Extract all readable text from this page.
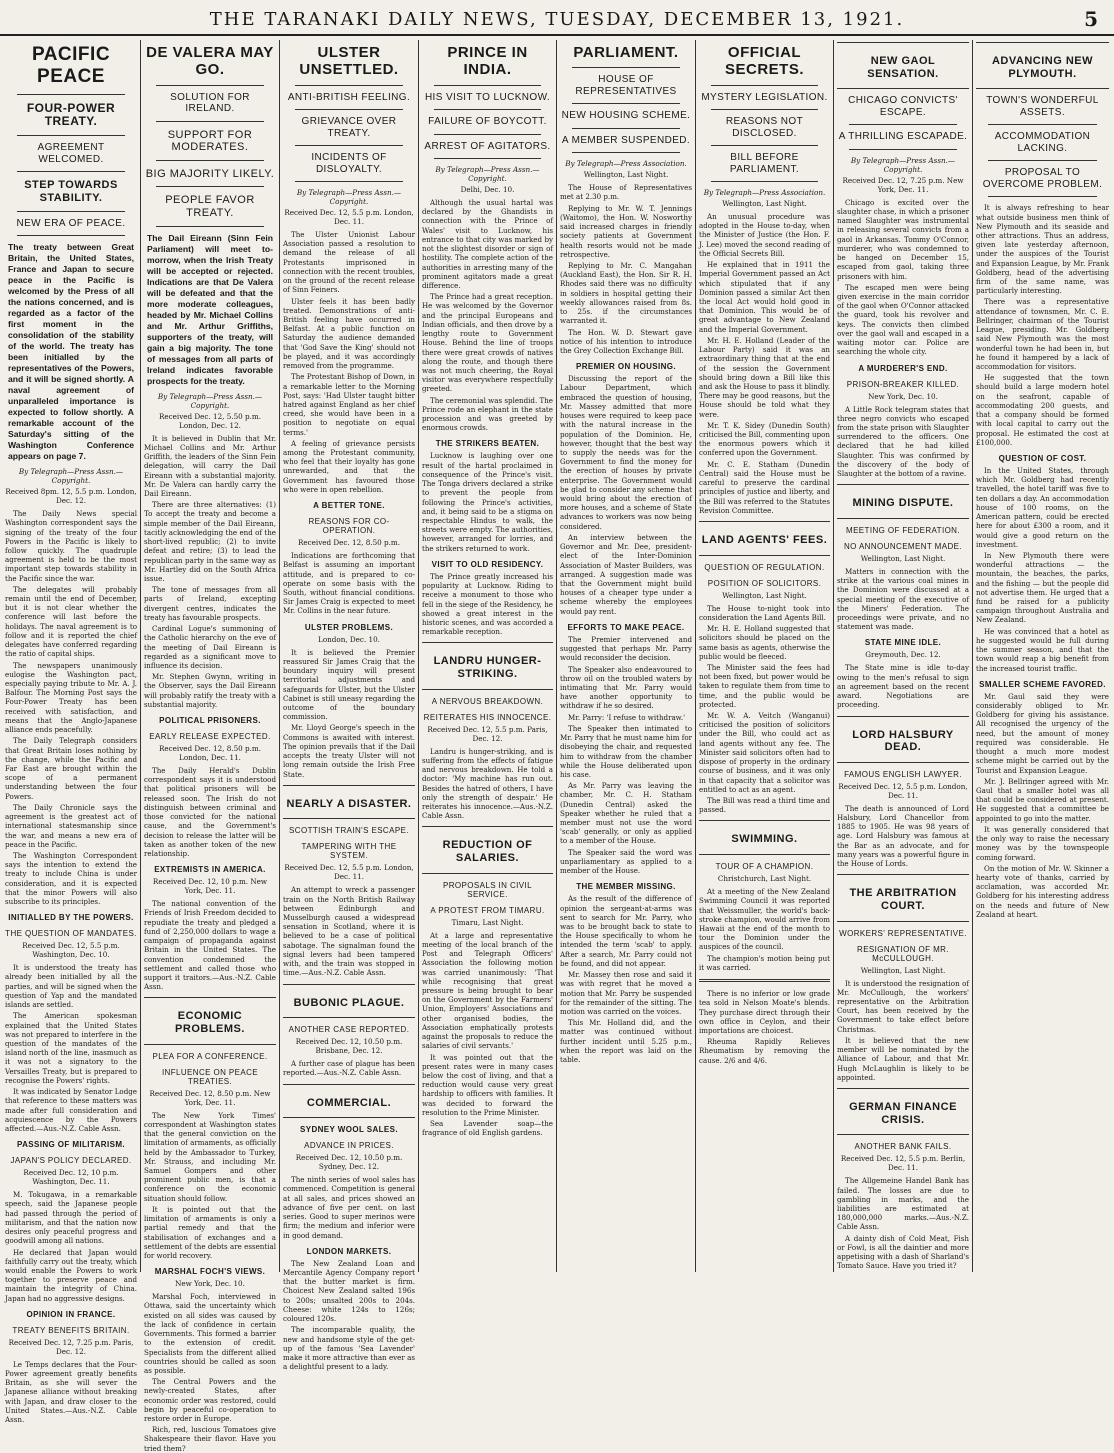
THE TARANAKI DAILY NEWS, TUESDAY, DECEMBER 13, 1921.	5
PACIFIC PEACE
FOUR-POWER TREATY.
AGREEMENT WELCOMED.
STEP TOWARDS STABILITY.
NEW ERA OF PEACE.
The treaty between Great Britain, the United States, France and Japan to secure peace in the Pacific is welcomed by the Press of all the nations concerned, and is regarded as a factor of the first moment in the consolidation of the stability of the world. The treaty has been initialled by the representatives of the Powers, and it will be signed shortly. A naval agreement of unparalleled importance is expected to follow shortly. A remarkable account of the Saturday's sitting of the Washington Conference appears on page 7.
By Telegraph—Press Assn.—Copyright.
Received 8pm. 12, 5.5 p.m. London, Dec. 12.

The Daily News special Washington correspondent says the signing of the treaty of the four Powers in the Pacific is likely to follow quickly. The quadruple agreement is held to be the most important step towards stability in the Pacific since the war.

The delegates will probably remain until the end of December, but it is not clear whether the conference will last before the holidays. The naval agreement is to follow and it is reported the chief delegates have conferred regarding the ratio of capital ships.

The newspapers unanimously eulogise the Washington pact, especially paying tribute to Mr. A. J. Balfour. The Morning Post says the Four-Power Treaty has been received with satisfaction, and means that the Anglo-Japanese alliance ends peacefully.

The Daily Telegraph considers that Great Britain loses nothing by the change, while the Pacific and Far East are brought within the scope of a permanent understanding between the four Powers.

The Daily Chronicle says the agreement is the greatest act of international statesmanship since the war, and means a new era of peace in the Pacific.

The Washington Correspondent says the intention to extend the treaty to include China is under consideration, and it is expected that the minor Powers will also subscribe to its principles.

INITIALLED BY THE POWERS.
THE QUESTION OF MANDATES.
Received Dec. 12, 5.5 p.m. Washington, Dec. 10.

It is understood the treaty has already been initialled by all the parties, and will be signed when the question of Yap and the mandated islands are settled.

The American spokesman explained that the United States was not prepared to interfere in the question of the mandates of the island north of the line, inasmuch as it was not a signatory to the Versailles Treaty, but is prepared to recognise the Powers' rights.

It was indicated by Senator Lodge that reference to these matters was made after full consideration and acquiescence by the Powers affected.—Aus.-N.Z. Cable Assn.

PASSING OF MILITARISM.
JAPAN'S POLICY DECLARED.
Received Dec. 12, 10 p.m. Washington, Dec. 11.

M. Tokugawa, in a remarkable speech, said the Japanese people had passed through the period of militarism, and that the nation now desires only peaceful progress and goodwill among all nations.

He declared that Japan would faithfully carry out the treaty, which would enable the Powers to work together to preserve peace and maintain the integrity of China. Japan had no aggressive designs.

OPINION IN FRANCE.
TREATY BENEFITS BRITAIN.
Received Dec. 12, 7.25 p.m. Paris, Dec. 12.

Le Temps declares that the Four-Power agreement greatly benefits Britain, as she will sever the Japanese alliance without breaking with Japan, and draw closer to the United States.—Aus.-N.Z. Cable Assn.

DE VALERA MAY GO.
SOLUTION FOR IRELAND.
SUPPORT FOR MODERATES.
BIG MAJORITY LIKELY.
PEOPLE FAVOR TREATY.
The Dail Eireann (Sinn Fein Parliament) will meet to-morrow, when the Irish Treaty will be accepted or rejected. Indications are that De Valera will be defeated and that the more moderate colleagues, headed by Mr. Michael Collins and Mr. Arthur Griffiths, supporters of the treaty, will gain a big majority. The tone of messages from all parts of Ireland indicates favorable prospects for the treaty.
By Telegraph—Press Assn.—Copyright.
Received Dec. 12, 5.50 p.m. London, Dec. 12.

It is believed in Dublin that Mr. Michael Collins and Mr. Arthur Griffith, the leaders of the Sinn Fein delegation, will carry the Dail Eireann with a substantial majority. Mr. De Valera can hardly carry the Dail Eireann.

There are three alternatives: (1) To accept the treaty and become a simple member of the Dail Eireann, tacitly acknowledging the end of the short-lived republic; (2) to invite defeat and retire; (3) to lead the republican party in the same way as Mr. Hartley did on the South Africa issue.

The tone of messages from all parts of Ireland, excepting divergent centres, indicates the treaty has favourable prospects.

Cardinal Logue's summoning of the Catholic hierarchy on the eve of the meeting of Dail Eireann is regarded as a significant move to influence its decision.

Mr. Stephen Gwynn, writing in the Observer, says the Dail Eireann will probably ratify the treaty with a substantial majority.

POLITICAL PRISONERS.
EARLY RELEASE EXPECTED.
Received Dec. 12, 8.50 p.m. London, Dec. 11.

The Daily Herald's Dublin correspondent says it is understood that political prisoners will be released soon. The Irish do not distinguish between criminal and those convicted for the national cause, and the Government's decision to release the latter will be taken as another token of the new relationship.

EXTREMISTS IN AMERICA.
Received Dec. 12, 10 p.m. New York, Dec. 11.

The national convention of the Friends of Irish Freedom decided to repudiate the treaty and pledged a fund of 2,250,000 dollars to wage a campaign of propaganda against Britain in the United States. The convention condemned the settlement and called those who support it traitors.—Aus.-N.Z. Cable Assn.

ECONOMIC PROBLEMS.
PLEA FOR A CONFERENCE.
INFLUENCE ON PEACE TREATIES.
Received Dec. 12, 8.50 p.m. New York, Dec. 11.

The New York Times' correspondent at Washington states that the general conviction on the limitation of armaments, as officially held by the Ambassador to Turkey, Mr. Strauss, and including Mr. Samuel Gompers and other prominent public men, is that a conference on the economic situation should follow.

It is pointed out that the limitation of armaments is only a partial remedy and that the stabilisation of exchanges and a settlement of the debts are essential for world recovery.

MARSHAL FOCH'S VIEWS.
New York, Dec. 10.

Marshal Foch, interviewed in Ottawa, said the uncertainty which existed on all sides was caused by the lack of confidence in certain Governments. This formed a barrier to the extension of credit. Specialists from the different allied countries should be called as soon as possible.

The Central Powers and the newly-created States, after economic order was restored, could begin by peaceful co-operation to restore order in Europe.

Rich, red, luscious Tomatoes give Shakespeare their flavor. Have you tried them?

ULSTER UNSETTLED.
ANTI-BRITISH FEELING.
GRIEVANCE OVER TREATY.
INCIDENTS OF DISLOYALTY.
By Telegraph—Press Assn.—Copyright.
Received Dec. 12, 5.5 p.m. London, Dec. 11.

The Ulster Unionist Labour Association passed a resolution to demand the release of all Protestants imprisoned in connection with the recent troubles, on the ground of the recent release of Sinn Feiners.

Ulster feels it has been badly treated. Demonstrations of anti-British feeling have occurred in Belfast. At a public function on Saturday the audience demanded that 'God Save the King' should not be played, and it was accordingly removed from the programme.

The Protestant Bishop of Down, in a remarkable letter to the Morning Post, says: 'Had Ulster taught bitter hatred against England as her chief creed, she would have been in a position to negotiate on equal terms.'

A feeling of grievance persists among the Protestant community, who feel that their loyalty has gone unrewarded, and that the Government has favoured those who were in open rebellion.

A BETTER TONE.
REASONS FOR CO-OPERATION.
Received Dec. 12, 8.50 p.m.

Indications are forthcoming that Belfast is assuming an important attitude, and is prepared to co-operate on some basis with the South, without financial conditions. Sir James Craig is expected to meet Mr. Collins in the near future.

ULSTER PROBLEMS.
London, Dec. 10.

It is believed the Premier reassured Sir James Craig that the boundary inquiry will present territorial adjustments and safeguards for Ulster, but the Ulster Cabinet is still uneasy regarding the outcome of the boundary commission.

Mr. Lloyd George's speech in the Commons is awaited with interest. The opinion prevails that if the Dail accepts the treaty Ulster will not long remain outside the Irish Free State.

NEARLY A DISASTER.
SCOTTISH TRAIN'S ESCAPE.
TAMPERING WITH THE SYSTEM.
Received Dec. 12, 5.5 p.m. London, Dec. 11.

An attempt to wreck a passenger train on the North British Railway between Edinburgh and Musselburgh caused a widespread sensation in Scotland, where it is believed to be a case of political sabotage. The signalman found the signal levers had been tampered with, and the train was stopped in time.—Aus.-N.Z. Cable Assn.

BUBONIC PLAGUE.
ANOTHER CASE REPORTED.
Received Dec. 12, 10.50 p.m. Brisbane, Dec. 12.

A further case of plague has been reported.—Aus.-N.Z. Cable Assn.

COMMERCIAL.
SYDNEY WOOL SALES.
ADVANCE IN PRICES.
Received Dec. 12, 10.50 p.m. Sydney, Dec. 12.

The ninth series of wool sales has commenced. Competition is general at all sales, and prices showed an advance of five per cent. on last series. Good to super merinos were firm; the medium and inferior were in good demand.

LONDON MARKETS.

The New Zealand Loan and Mercantile Agency Company report that the butter market is firm. Choicest New Zealand salted 196s to 200s; unsalted 200s to 204s. Cheese: white 124s to 126s; coloured 120s.

The incomparable quality, the new and handsome style of the get-up of the famous 'Sea Lavender' make it more attractive than ever as a delightful present to a lady.

PRINCE IN INDIA.
HIS VISIT TO LUCKNOW.
FAILURE OF BOYCOTT.
ARREST OF AGITATORS.
By Telegraph—Press Assn.—Copyright.
Delhi, Dec. 10.

Although the usual hartal was declared by the Ghandists in connection with the Prince of Wales' visit to Lucknow, his entrance to that city was marked by not the slightest disorder or sign of hostility. The complete action of the authorities in arresting many of the prominent agitators made a great difference.

The Prince had a great reception. He was welcomed by the Governor and the principal Europeans and Indian officials, and then drove by a lengthy route to Government House. Behind the line of troops there were great crowds of natives along the route, and though there was not much cheering, the Royal visitor was everywhere respectfully greeted.

The ceremonial was splendid. The Prince rode an elephant in the state procession and was greeted by enormous crowds.

THE STRIKERS BEATEN.

Lucknow is laughing over one result of the hartal proclaimed in consequence of the Prince's visit. The Tonga drivers declared a strike to prevent the people from following the Prince's activities, and, it being said to be a stigma on respectable Hindus to walk, the streets were empty. The authorities, however, arranged for lorries, and the strikers returned to work.

VISIT TO OLD RESIDENCY.

The Prince greatly increased his popularity at Lucknow. Riding to receive a monument to those who fell in the siege of the Residency, he showed a great interest in the historic scenes, and was accorded a remarkable reception.

LANDRU HUNGER-STRIKING.
A NERVOUS BREAKDOWN.
REITERATES HIS INNOCENCE.
Received Dec. 12, 5.5 p.m. Paris, Dec. 12.

Landru is hunger-striking, and is suffering from the effects of fatigue and nervous breakdown. He told a doctor: 'My machine has run out. Besides the hatred of others, I have only the strength of despair.' He reiterates his innocence.—Aus.-N.Z. Cable Assn.

REDUCTION OF SALARIES.
PROPOSALS IN CIVIL SERVICE.
A PROTEST FROM TIMARU.
Timaru, Last Night.

At a large and representative meeting of the local branch of the Post and Telegraph Officers' Association the following motion was carried unanimously: 'That while recognising that great pressure is being brought to bear on the Government by the Farmers' Union, Employers' Associations and other organised bodies, the Association emphatically protests against the proposals to reduce the salaries of civil servants.'

It was pointed out that the present rates were in many cases below the cost of living, and that a reduction would cause very great hardship to officers with families. It was decided to forward the resolution to the Prime Minister.

Sea Lavender soap—the fragrance of old English gardens.

PARLIAMENT.
HOUSE OF REPRESENTATIVES
NEW HOUSING SCHEME.
A MEMBER SUSPENDED.
By Telegraph—Press Association.
Wellington, Last Night.

The House of Representatives met at 2.30 p.m.

Replying to Mr. W. T. Jennings (Waitomo), the Hon. W. Nosworthy said increased charges in friendly society patients at Government health resorts would not be made retrospective.

Replying to Mr. C. Mangahan (Auckland East), the Hon. Sir R. H. Rhodes said there was no difficulty in soldiers in hospital getting their weekly allowances raised from 8s. to 25s. if the circumstances warranted it.

The Hon. W. D. Stewart gave notice of his intention to introduce the Grey Collection Exchange Bill.

PREMIER ON HOUSING.

Discussing the report of the Labour Department, which embraced the question of housing, Mr. Massey admitted that more houses were required to keep pace with the natural increase in the population of the Dominion. He, however, thought that the best way to supply the needs was for the Government to find the money for the erection of houses by private enterprise. The Government would be glad to consider any scheme that would bring about the erection of more houses, and a scheme of State advances to workers was now being considered.

An interview between the Governor and Mr. Dee, president-elect of the Inter-Dominion Association of Master Builders, was arranged. A suggestion made was that the Government might build houses of a cheaper type under a scheme whereby the employees would pay rent.

EFFORTS TO MAKE PEACE.

The Premier intervened and suggested that perhaps Mr. Parry would reconsider the decision.

The Speaker also endeavoured to throw oil on the troubled waters by intimating that Mr. Parry would have another opportunity to withdraw if he so desired.

Mr. Parry: 'I refuse to withdraw.'

The Speaker then intimated to Mr. Parry that he must name him for disobeying the chair, and requested him to withdraw from the chamber while the House deliberated upon his case.

As Mr. Parry was leaving the chamber, Mr. C. H. Statham (Dunedin Central) asked the Speaker whether he ruled that a member must not use the word 'scab' generally, or only as applied to a member of the House.

The Speaker said the word was unparliamentary as applied to a member of the House.

THE MEMBER MISSING.

As the result of the difference of opinion the sergeant-at-arms was sent to search for Mr. Parry, who was to be brought back to state to the House specifically to whom he intended the term 'scab' to apply. After a search, Mr. Parry could not be found, and did not appear.

Mr. Massey then rose and said it was with regret that he moved a motion that Mr. Parry be suspended for the remainder of the sitting. The motion was carried on the voices.

This Mr. Holland did, and the matter was continued without further incident until 5.25 p.m., when the report was laid on the table.

OFFICIAL SECRETS.
MYSTERY LEGISLATION.
REASONS NOT DISCLOSED.
BILL BEFORE PARLIAMENT.
By Telegraph—Press Association.
Wellington, Last Night.

An unusual procedure was adopted in the House to-day, when the Minister of Justice (the Hon. F. J. Lee) moved the second reading of the Official Secrets Bill.

He explained that in 1911 the Imperial Government passed an Act which stipulated that if any Dominion passed a similar Act then the local Act would hold good in that Dominion. This would be of great advantage to New Zealand and the Imperial Government.

Mr. H. E. Holland (Leader of the Labour Party) said it was an extraordinary thing that at the end of the session the Government should bring down a Bill like this and ask the House to pass it blindly. There may be good reasons, but the House should be told what they were.

Mr. T. K. Sidey (Dunedin South) criticised the Bill, commenting upon the enormous powers which it conferred upon the Government.

Mr. C. E. Statham (Dunedin Central) said the House must be careful to preserve the cardinal principles of justice and liberty, and the Bill was referred to the Statutes Revision Committee.

LAND AGENTS' FEES.
QUESTION OF REGULATION.
POSITION OF SOLICITORS.
Wellington, Last Night.

The House to-night took into consideration the Land Agents Bill.

Mr. H. E. Holland suggested that solicitors should be placed on the same basis as agents, otherwise the public would be fleeced.

The Minister said the fees had not been fixed, but power would be taken to regulate them from time to time, and the public would be protected.

Mr. W. A. Veitch (Wanganui) criticised the position of solicitors under the Bill, who could act as land agents without any fee. The Minister said solicitors often had to dispose of property in the ordinary course of business, and it was only in that capacity that a solicitor was entitled to act as an agent.

The Bill was read a third time and passed.

SWIMMING.
TOUR OF A CHAMPION.
Christchurch, Last Night.

At a meeting of the New Zealand Swimming Council it was reported that Weissmuller, the world's back-stroke champion, would arrive from Hawaii at the end of the month to tour the Dominion under the auspices of the council.

The champion's motion being put it was carried.

There is no inferior or low grade tea sold in Nelson Moate's blends. They purchase direct through their own office in Ceylon, and their importations are choicest.

Rheuma Rapidly Relieves Rheumatism by removing the cause. 2/6 and 4/6.

NEW GAOL SENSATION.
CHICAGO CONVICTS' ESCAPE.
A THRILLING ESCAPADE.
By Telegraph—Press Assn.—Copyright.
Received Dec. 12, 7.25 p.m. New York, Dec. 11.

Chicago is excited over the slaughter chase, in which a prisoner named Slaughter was instrumental in releasing several convicts from a gaol in Arkansas. Tommy O'Connor, murderer, who was condemned to be hanged on December 15, escaped from gaol, taking three prisoners with him.

The escaped men were being given exercise in the main corridor of the gaol when O'Connor attacked the guard, took his revolver and keys. The convicts then climbed over the gaol wall and escaped in a waiting motor car. Police are searching the whole city.

A MURDERER'S END.
PRISON-BREAKER KILLED.
New York, Dec. 10.

A Little Rock telegram states that three negro convicts who escaped from the state prison with Slaughter surrendered to the officers. One declared that he had killed Slaughter. This was confirmed by the discovery of the body of Slaughter at the bottom of a ravine.

MINING DISPUTE.
MEETING OF FEDERATION.
NO ANNOUNCEMENT MADE.
Wellington, Last Night.

Matters in connection with the strike at the various coal mines in the Dominion were discussed at a special meeting of the executive of the Miners' Federation. The proceedings were private, and no statement was made.

STATE MINE IDLE.
Greymouth, Dec. 12.

The State mine is idle to-day owing to the men's refusal to sign an agreement based on the recent award. Negotiations are proceeding.

LORD HALSBURY DEAD.
FAMOUS ENGLISH LAWYER.
Received Dec. 12, 5.5 p.m. London, Dec. 11.

The death is announced of Lord Halsbury, Lord Chancellor from 1885 to 1905. He was 98 years of age. Lord Halsbury was famous at the Bar as an advocate, and for many years was a powerful figure in the House of Lords.

THE ARBITRATION COURT.
WORKERS' REPRESENTATIVE.
RESIGNATION OF MR. McCULLOUGH.
Wellington, Last Night.

It is understood the resignation of Mr. McCullough, the workers' representative on the Arbitration Court, has been received by the Government to take effect before Christmas.

It is believed that the new member will be nominated by the Alliance of Labour, and that Mr. Hugh McLaughlin is likely to be appointed.

GERMAN FINANCE CRISIS.
ANOTHER BANK FAILS.
Received Dec. 12, 5.5 p.m. Berlin, Dec. 11.

The Allgemeine Handel Bank has failed. The losses are due to gambling in marks, and the liabilities are estimated at 180,000,000 marks.—Aus.-N.Z. Cable Assn.

A dainty dish of Cold Meat, Fish or Fowl, is all the daintier and more appetising with a dash of Sharland's Tomato Sauce. Have you tried it?

ADVANCING NEW PLYMOUTH.
TOWN'S WONDERFUL ASSETS.
ACCOMMODATION LACKING.
PROPOSAL TO OVERCOME PROBLEM.

It is always refreshing to hear what outside business men think of New Plymouth and its seaside and other attractions. Thus an address, given late yesterday afternoon, under the auspices of the Tourist and Expansion League, by Mr. Frank Goldberg, head of the advertising firm of the same name, was particularly interesting.

There was a representative attendance of townsmen, Mr. C. E. Bellringer, chairman of the Tourist League, presiding. Mr. Goldberg said New Plymouth was the most wonderful town he had been in, but he found it hampered by a lack of accommodation for visitors.

He suggested that the town should build a large modern hotel on the seafront, capable of accommodating 200 guests, and that a company should be formed with local capital to carry out the proposal. He estimated the cost at £100,000.

QUESTION OF COST.

In the United States, through which Mr. Goldberg had recently travelled, the hotel tariff was five to ten dollars a day. An accommodation house of 100 rooms, on the American pattern, could be erected here for about £300 a room, and it would give a good return on the investment.

In New Plymouth there were wonderful attractions — the mountain, the beaches, the parks, and the fishing — but the people did not advertise them. He urged that a fund be raised for a publicity campaign throughout Australia and New Zealand.

He was convinced that a hotel as he suggested would be full during the summer season, and that the town would reap a big benefit from the increased tourist traffic.

SMALLER SCHEME FAVORED.

Mr. Gaul said they were considerably obliged to Mr. Goldberg for giving his assistance. All recognised the urgency of the need, but the amount of money required was considerable. He thought a much more modest scheme might be carried out by the Tourist and Expansion League.

Mr. J. Bellringer agreed with Mr. Gaul that a smaller hotel was all that could be considered at present. He suggested that a committee be appointed to go into the matter.

It was generally considered that the only way to raise the necessary money was by the townspeople coming forward.

On the motion of Mr. W. Skinner a hearty vote of thanks, carried by acclamation, was accorded Mr. Goldberg for his interesting address on the needs and future of New Zealand at heart.
